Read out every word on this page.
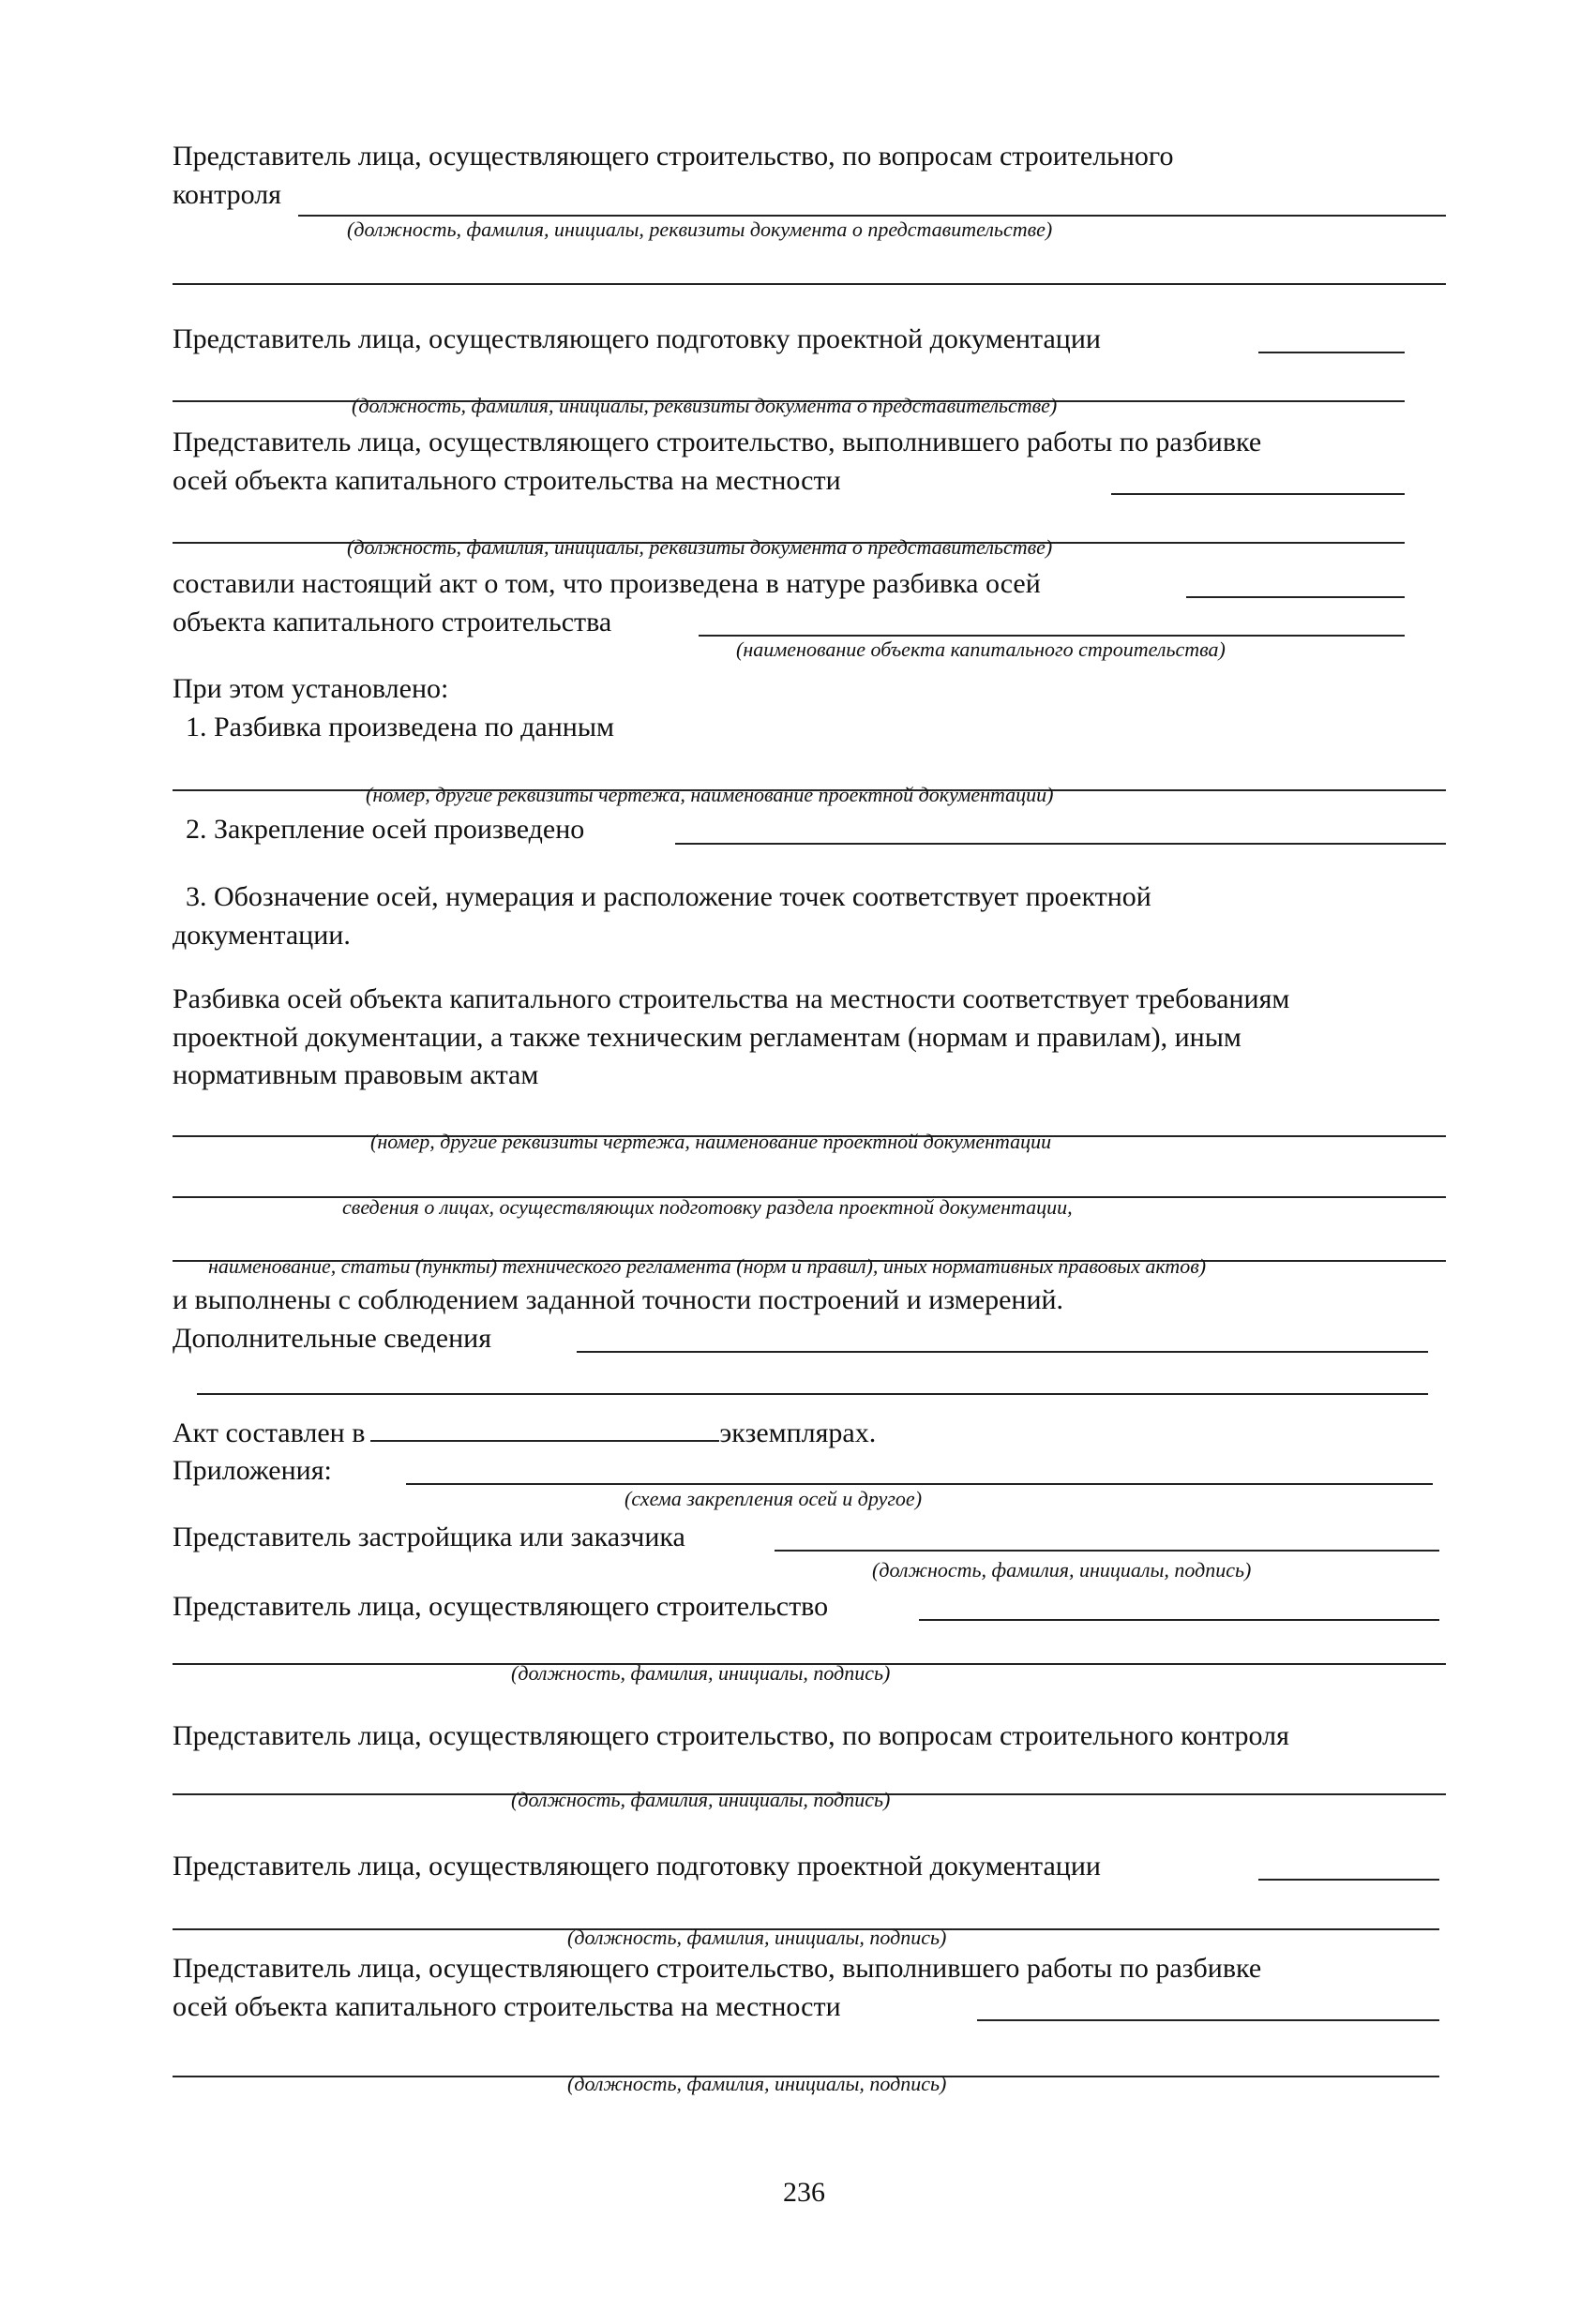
Представитель лица, осуществляющего строительство, по вопросам строительного
контроля
(должность, фамилия, инициалы, реквизиты документа о представительстве)
Представитель лица, осуществляющего подготовку проектной документации
(должность, фамилия, инициалы, реквизиты документа о представительстве)
Представитель лица, осуществляющего строительство, выполнившего работы по разбивке
осей объекта капитального строительства на местности
(должность, фамилия, инициалы, реквизиты документа о представительстве)
составили настоящий акт о том, что произведена в натуре разбивка осей
объекта капитального строительства
(наименование объекта капитального строительства)
При этом установлено:
1. Разбивка произведена по данным
(номер, другие реквизиты чертежа, наименование проектной документации)
2. Закрепление осей произведено
3. Обозначение осей, нумерация и расположение точек соответствует проектной
документации.
Разбивка осей объекта капитального строительства на местности соответствует требованиям
проектной документации, а также техническим регламентам (нормам и правилам), иным
нормативным правовым актам
(номер, другие реквизиты чертежа, наименование проектной документации
сведения о лицах, осуществляющих подготовку раздела проектной документации,
наименование, статьи (пункты) технического регламента (норм и правил), иных нормативных правовых актов)
и выполнены с соблюдением заданной точности построений и измерений.
Дополнительные сведения
Акт составлен в	экземплярах.
Приложения:
(схема закрепления осей и другое)
Представитель застройщика или заказчика
(должность, фамилия, инициалы, подпись)
Представитель лица, осуществляющего строительство
(должность, фамилия, инициалы, подпись)
Представитель лица, осуществляющего строительство, по вопросам строительного контроля
(должность, фамилия, инициалы, подпись)
Представитель лица, осуществляющего подготовку проектной документации
(должность, фамилия, инициалы, подпись)
Представитель лица, осуществляющего строительство, выполнившего работы по разбивке
осей объекта капитального строительства на местности
(должность, фамилия, инициалы, подпись)
236
